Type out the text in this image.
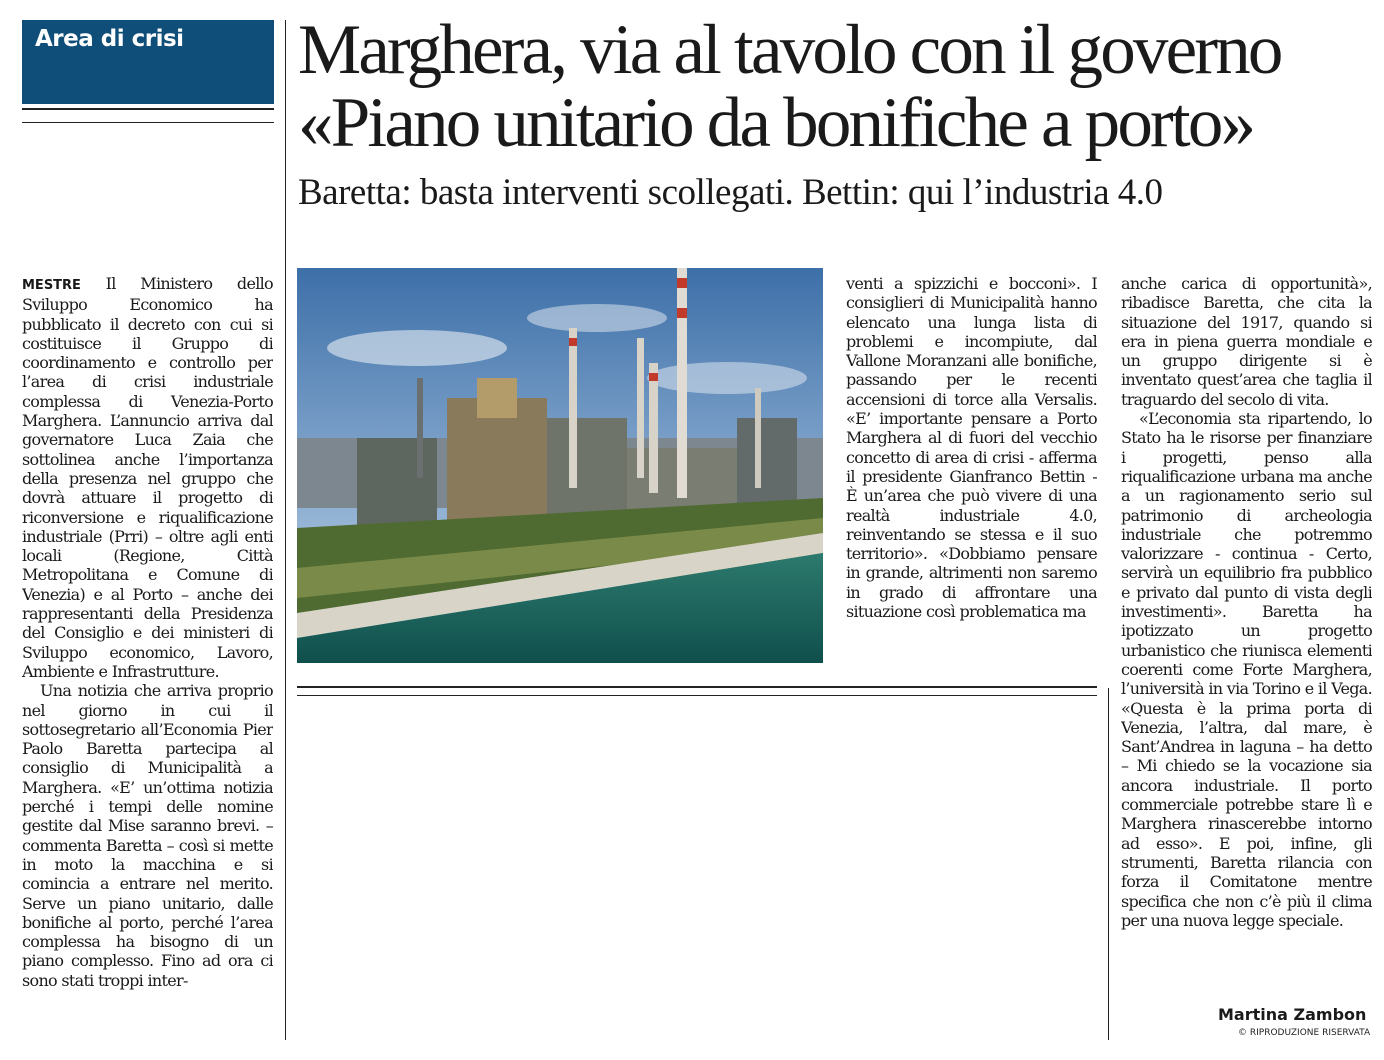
Area di crisi Marghera, via al tavolo con il governo
«Piano unitario da bonifiche a porto»
Baretta: basta interventi scollegati. Bettin: qui l’industria 4.0

MESTRE Il Ministero dello Sviluppo Economico ha pubblicato il decreto con cui si costituisce il Gruppo di coordinamento e controllo per l’area di crisi industriale complessa di Venezia-Porto Marghera. L’annuncio arriva dal governatore Luca Zaia che sottolinea anche l’importanza della presenza nel gruppo che dovrà attuare il progetto di riconversione e riqualificazione industriale (Prri) – oltre agli enti locali (Regione, Città Metropolitana e Comune di Venezia) e al Porto – anche dei rappresentanti della Presidenza del Consiglio e dei ministeri di Sviluppo economico, Lavoro, Ambiente e Infrastrutture.

Una notizia che arriva proprio nel giorno in cui il sottosegretario all’Economia Pier Paolo Baretta partecipa al consiglio di Municipalità a Marghera. «E’ un’ottima notizia perché i tempi delle nomine gestite dal Mise saranno brevi. – commenta Baretta – così si mette in moto la macchina e si comincia a entrare nel merito. Serve un piano unitario, dalle bonifiche al porto, perché l’area complessa ha bisogno di un piano complesso. Fino ad ora ci sono stati troppi inter-

venti a spizzichi e bocconi». I consiglieri di Municipalità hanno elencato una lunga lista di problemi e incompiute, dal Vallone Moranzani alle bonifiche, passando per le recenti accensioni di torce alla Versalis. «E’ importante pensare a Porto Marghera al di fuori del vecchio concetto di area di crisi - afferma il presidente Gianfranco Bettin - È un’area che può vivere di una realtà industriale 4.0, reinventando se stessa e il suo territorio». «Dobbiamo pensare in grande, altrimenti non saremo in grado di affrontare una situazione così problematica ma

anche carica di opportunità», ribadisce Baretta, che cita la situazione del 1917, quando si era in piena guerra mondiale e un gruppo dirigente si è inventato quest’area che taglia il traguardo del secolo di vita.

«L’economia sta ripartendo, lo Stato ha le risorse per finanziare i progetti, penso alla riqualificazione urbana ma anche a un ragionamento serio sul patrimonio di archeologia industriale che potremmo valorizzare - continua - Certo, servirà un equilibrio fra pubblico e privato dal punto di vista degli investimenti». Baretta ha ipotizzato un progetto urbanistico che riunisca elementi coerenti come Forte Marghera, l’università in via Torino e il Vega. «Questa è la prima porta di Venezia, l’altra, dal mare, è Sant’Andrea in laguna – ha detto – Mi chiedo se la vocazione sia ancora industriale. Il porto commerciale potrebbe stare lì e Marghera rinascerebbe intorno ad esso». E poi, infine, gli strumenti, Baretta rilancia con forza il Comitatone mentre specifica che non c’è più il clima per una nuova legge speciale.

Martina Zambon
© RIPRODUZIONE RISERVATA
